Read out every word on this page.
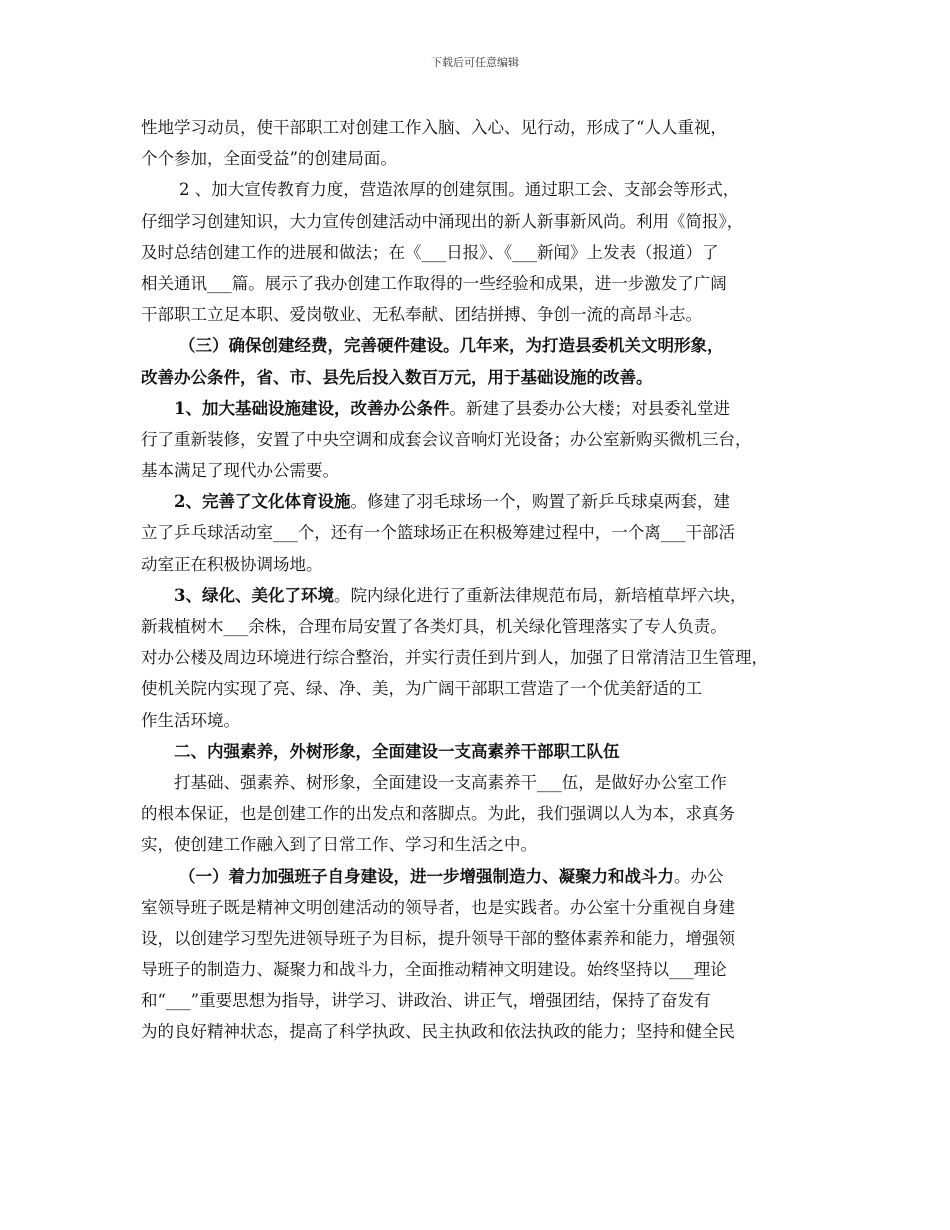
下载后可任意编辑
性地学习动员，使干部职工对创建工作入脑、入心、见行动，形成了“人人重视，
个个参加，全面受益”的创建局面。
2 、加大宣传教育力度，营造浓厚的创建氛围。通过职工会、支部会等形式，
仔细学习创建知识，大力宣传创建活动中涌现出的新人新事新风尚。利用《简报》，
及时总结创建工作的进展和做法；在《___日报》、《___新闻》上发表（报道）了
相关通讯___篇。展示了我办创建工作取得的一些经验和成果，进一步激发了广阔
干部职工立足本职、爱岗敬业、无私奉献、团结拼搏、争创一流的高昂斗志。
（三）确保创建经费，完善硬件建设。几年来，为打造县委机关文明形象，
改善办公条件，省、市、县先后投入数百万元，用于基础设施的改善。
1、加大基础设施建设，改善办公条件。新建了县委办公大楼；对县委礼堂进
行了重新装修，安置了中央空调和成套会议音响灯光设备；办公室新购买微机三台，
基本满足了现代办公需要。
2、完善了文化体育设施。修建了羽毛球场一个，购置了新乒乓球桌两套，建
立了乒乓球活动室___个，还有一个篮球场正在积极筹建过程中，一个离___干部活
动室正在积极协调场地。
3、绿化、美化了环境。院内绿化进行了重新法律规范布局，新培植草坪六块，
新栽植树木___余株，合理布局安置了各类灯具，机关绿化管理落实了专人负责。
对办公楼及周边环境进行综合整治，并实行责任到片到人，加强了日常清洁卫生管理，
使机关院内实现了亮、绿、净、美，为广阔干部职工营造了一个优美舒适的工
作生活环境。
二、内强素养，外树形象，全面建设一支高素养干部职工队伍
打基础、强素养、树形象，全面建设一支高素养干___伍，是做好办公室工作
的根本保证，也是创建工作的出发点和落脚点。为此，我们强调以人为本，求真务
实，使创建工作融入到了日常工作、学习和生活之中。
（一）着力加强班子自身建设，进一步增强制造力、凝聚力和战斗力。办公
室领导班子既是精神文明创建活动的领导者，也是实践者。办公室十分重视自身建
设，以创建学习型先进领导班子为目标，提升领导干部的整体素养和能力，增强领
导班子的制造力、凝聚力和战斗力，全面推动精神文明建设。始终坚持以___理论
和“___”重要思想为指导，讲学习、讲政治、讲正气，增强团结，保持了奋发有
为的良好精神状态，提高了科学执政、民主执政和依法执政的能力；坚持和健全民
